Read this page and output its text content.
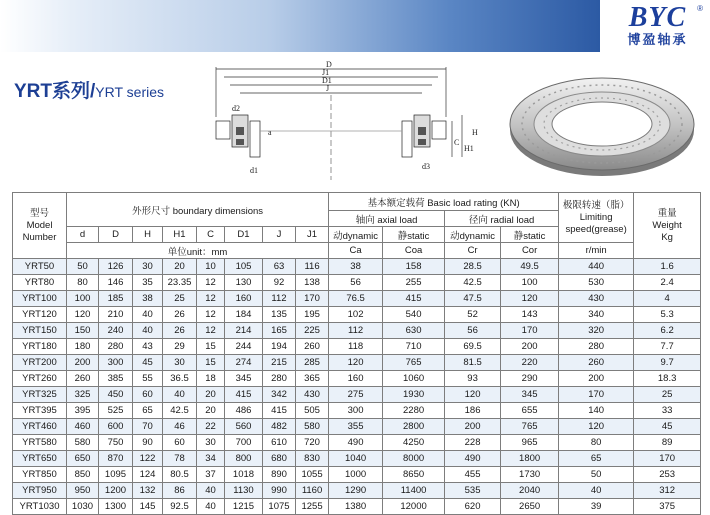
BYC	®
博盈轴承
YRT系列/YRT series
D
J1
D1
J
d2
a
d1	d3
C
H
H1
型号
Model
Number	外形尺寸 boundary dimensions								基本额定载荷 Basic load rating (KN)				极限转速（脂）
Limiting
speed(grease)	重量
Weight
Kg
									轴向 axial load		径向 radial load			
	d	D	H	H1	C	D1	J	J1	动dynamic	静static	动dynamic	静static		
	单位unit：mm								Ca	Coa	Cr	Cor	r/min	
YRT50	50	126	30	20	10	105	63	116	38	158	28.5	49.5	440	1.6
YRT80	80	146	35	23.35	12	130	92	138	56	255	42.5	100	530	2.4
YRT100	100	185	38	25	12	160	112	170	76.5	415	47.5	120	430	4
YRT120	120	210	40	26	12	184	135	195	102	540	52	143	340	5.3
YRT150	150	240	40	26	12	214	165	225	112	630	56	170	320	6.2
YRT180	180	280	43	29	15	244	194	260	118	710	69.5	200	280	7.7
YRT200	200	300	45	30	15	274	215	285	120	765	81.5	220	260	9.7
YRT260	260	385	55	36.5	18	345	280	365	160	1060	93	290	200	18.3
YRT325	325	450	60	40	20	415	342	430	275	1930	120	345	170	25
YRT395	395	525	65	42.5	20	486	415	505	300	2280	186	655	140	33
YRT460	460	600	70	46	22	560	482	580	355	2800	200	765	120	45
YRT580	580	750	90	60	30	700	610	720	490	4250	228	965	80	89
YRT650	650	870	122	78	34	800	680	830	1040	8000	490	1800	65	170
YRT850	850	1095	124	80.5	37	1018	890	1055	1000	8650	455	1730	50	253
YRT950	950	1200	132	86	40	1130	990	1160	1290	11400	535	2040	40	312
YRT1030	1030	1300	145	92.5	40	1215	1075	1255	1380	12000	620	2650	39	375
